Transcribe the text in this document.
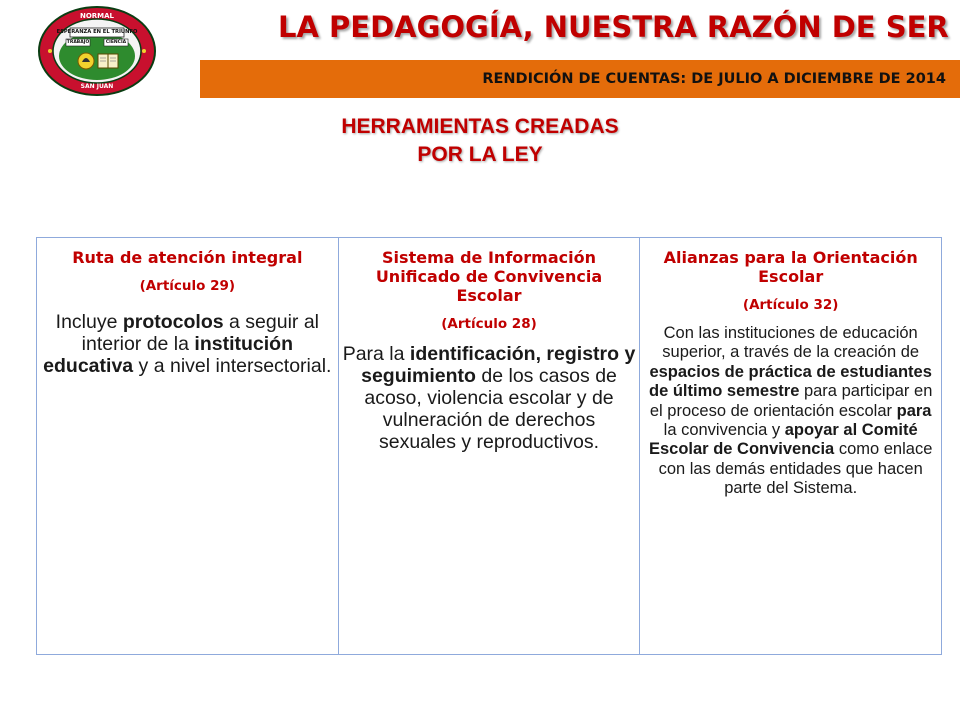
NORMAL
ESPERANZA EN EL TRIUNFO
TRABAJO	CIENCIA
SAN JUAN
LA PEDAGOGÍA, NUESTRA RAZÓN DE SER
RENDICIÓN DE CUENTAS: DE JULIO A DICIEMBRE DE 2014
HERRAMIENTAS CREADAS
POR LA LEY
Ruta de atención integral
(Artículo 29)
Incluye protocolos a seguir al interior de la institución educativa y a nivel intersectorial.
Sistema de Información Unificado de Convivencia Escolar
(Artículo 28)
Para la identificación, registro y seguimiento de los casos de acoso, violencia escolar y de vulneración de derechos sexuales y reproductivos.
Alianzas para la Orientación Escolar
(Artículo 32)
Con las instituciones de educación superior, a través de la creación de espacios de práctica de estudiantes de último semestre para participar en el proceso de orientación escolar para la convivencia y apoyar al Comité Escolar de Convivencia como enlace con las demás entidades que hacen parte del Sistema.
